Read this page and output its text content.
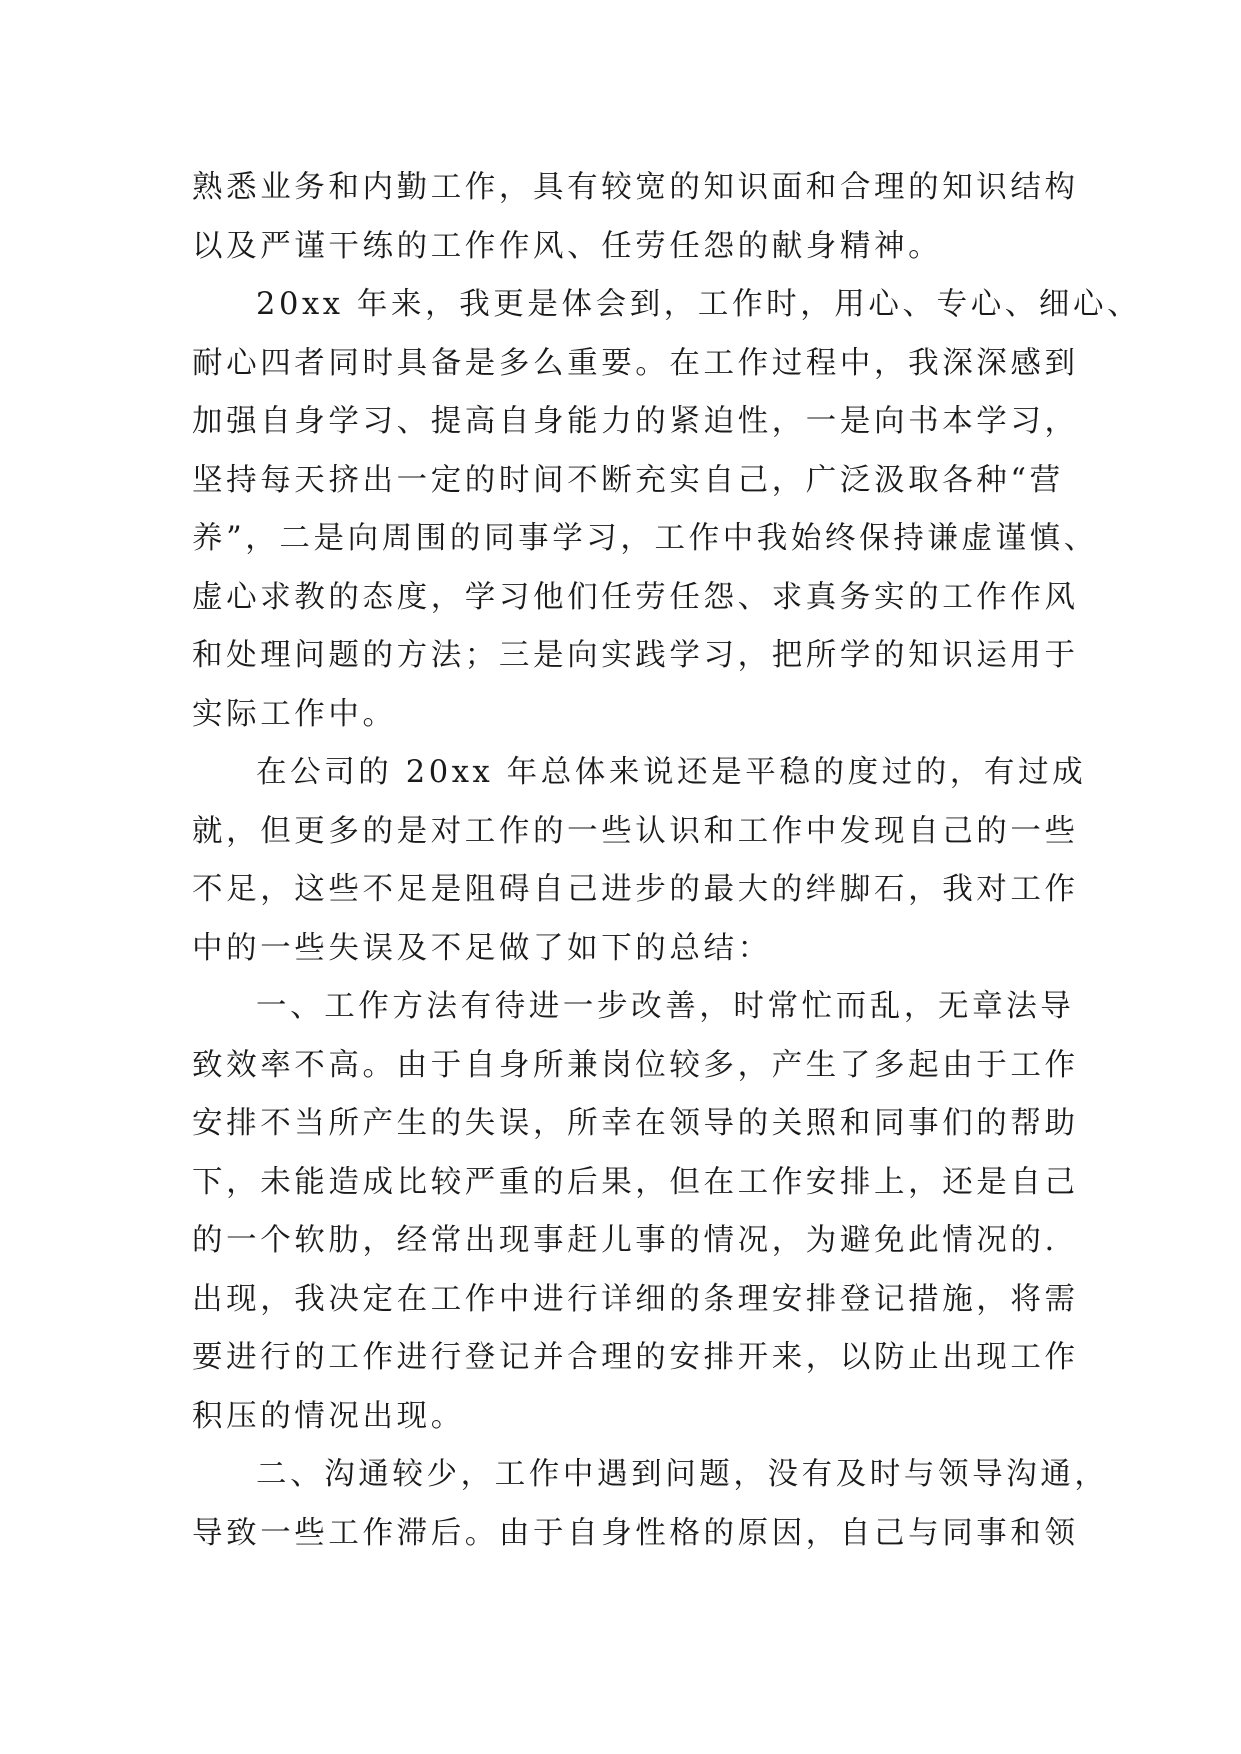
熟悉业务和内勤工作，具有较宽的知识面和合理的知识结构
以及严谨干练的工作作风、任劳任怨的献身精神。
20xx 年来，我更是体会到，工作时，用心、专心、细心、
耐心四者同时具备是多么重要。在工作过程中，我深深感到
加强自身学习、提高自身能力的紧迫性，一是向书本学习，
坚持每天挤出一定的时间不断充实自己，广泛汲取各种“营
养”，二是向周围的同事学习，工作中我始终保持谦虚谨慎、
虚心求教的态度，学习他们任劳任怨、求真务实的工作作风
和处理问题的方法；三是向实践学习，把所学的知识运用于
实际工作中。
在公司的 20xx 年总体来说还是平稳的度过的，有过成
就，但更多的是对工作的一些认识和工作中发现自己的一些
不足，这些不足是阻碍自己进步的最大的绊脚石，我对工作
中的一些失误及不足做了如下的总结：
一、工作方法有待进一步改善，时常忙而乱，无章法导
致效率不高。由于自身所兼岗位较多，产生了多起由于工作
安排不当所产生的失误，所幸在领导的关照和同事们的帮助
下，未能造成比较严重的后果，但在工作安排上，还是自己
的一个软肋，经常出现事赶儿事的情况，为避免此情况的.
出现，我决定在工作中进行详细的条理安排登记措施，将需
要进行的工作进行登记并合理的安排开来，以防止出现工作
积压的情况出现。
二、沟通较少，工作中遇到问题，没有及时与领导沟通，
导致一些工作滞后。由于自身性格的原因，自己与同事和领
